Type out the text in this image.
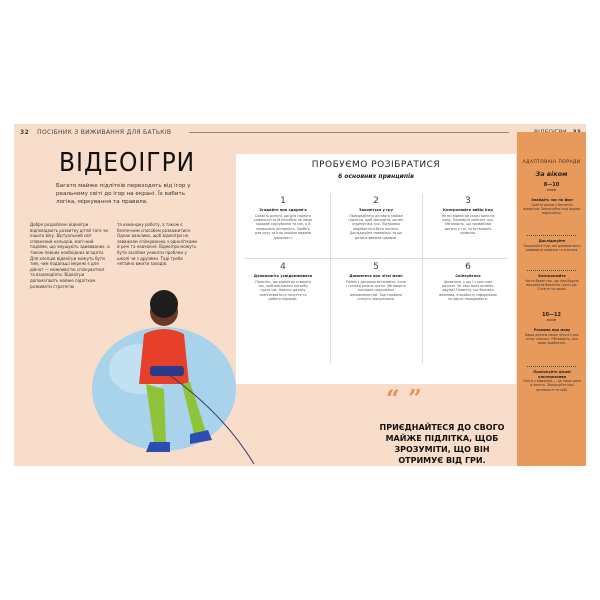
32 ПОСІБНИК З ВИЖИВАННЯ ДЛЯ БАТЬКІВ
ВІДЕОІГРИ
Багато майже підлітків переходять від ігор у реальному світі до ігор на екрані. Їх вабить логіка, міркування та правила.
Добре розроблені відеоігри відповідають розвитку дітей того чи іншого віку. Віртуальний світ сповнений кольорів, магічний подіями, що змушують здивованих, а також певних необхідних вгадати. Для хлопців відеоігри можуть бути тим, чим подальші мережі є для дівчат — можливістю спілкуватися та взаємодіяти. Відеоігри допомагають майже підліткам розвивати стратегію
та командну роботу, а також є безпечним способом розважитися. Однак важливо, щоб відеоігри не заважали спілкуванню з однолітками й речі та навчання. Відеоігри можуть бути засобом уникати проблем у школі чи з друзями. Тоді треба негайно вжити заходів.
ПРОБУЄМО РОЗІБРАТИСЯ
6 основних принципів
1
Згадайте про здоров'я
Скажіть дитині, що для гарного самопочуття їй потрібно не лише здорове харчування та сон, а й правильна активність. Зробіть для руху та ігор іншими видами діяльності.
2
Захопіться у гру
Приєднайтеся до свого майже підлітка, щоб зрозуміти, що він отримує від гри. Підтримка подобається бути поспіль. Досліджуйте поведінку та що дитина вважає цікавим.
3
Контролюйте вибір ігор
Не всі відеоігри схожі одна на одну. Перевірте рейтинг гри. Обговоріть, що приваблює дитину у грі, та встановіть правила.
4
Допоможіть усвідомлювати
Поясніть, що відеоігри створені так, щоб викликати потребу грати ще. Навчіть дитину розпізнавати ці почуття та робити перерви.
5
Домовтеся про чіткі межі
Разом з дитиною встановіть, коли і скільки можна грати. Обговоріть наслідки порушення домовленостей. Тоді правила стануть зрозумілими.
6
Спілкуйтеся
Цікавтеся, у що і з ким грає дитина. Чи знає вона онлайн-друзів? Поясніть, що безпека важлива, а особисту інформацію не варто поширювати.
“ ”
ПРИЄДНАЙТЕСЯ ДО СВОГО МАЙЖЕ ПІДЛІТКА, ЩОБ ЗРОЗУМІТИ, ЩО ВІН ОТРИМУЄ ВІД ГРИ.
АДАПТОВАНІ ПОРАДИ
За віком
8—10
РОКІВ
Знайдіть час на фан
Грайте разом у безпечні відеоігри. Заохочуйте інші форми відпочинку.
Досліджуйте
Пошукайте ігри, які допомагають розвивати навички та вчитися.
Контролюйте
Часто буває так, що ігри будуть викликати бажання грати ще. Стежте за часом.
10—12
РОКІВ
Розмова про мову
Ваша дитина може чути в іграх різну лексику. Обговоріть, яка мова прийнятна.
Пропонуйте цікаві альтернативи
Грати у відеоігри — це лише одне із занять. Заохочуйте інші активності та хобі.
